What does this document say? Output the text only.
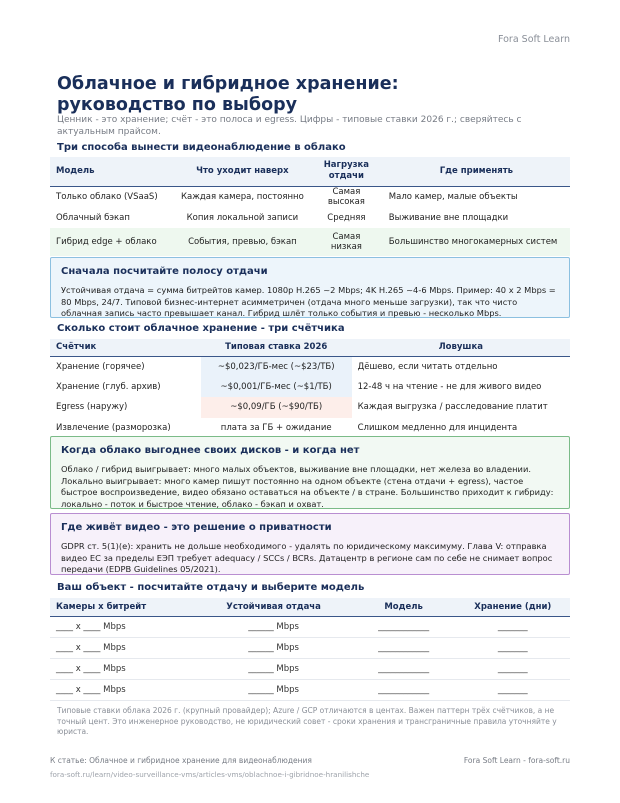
Fora Soft Learn
Облачное и гибридное хранение: руководство по выбору

Ценник - это хранение; счёт - это полоса и egress. Цифры - типовые ставки 2026 г.; сверяйтесь с актуальным прайсом.

Три способа вынести видеонаблюдение в облако
Модель	Что уходит наверх	Нагрузка отдачи	Где применять
Только облако (VSaaS)	Каждая камера, постоянно	Самая высокая	Мало камер, малые объекты
Облачный бэкап	Копия локальной записи	Средняя	Выживание вне площадки
Гибрид edge + облако	События, превью, бэкап	Самая низкая	Большинство многокамерных систем
Сначала посчитайте полосу отдачи
Устойчивая отдача = сумма битрейтов камер. 1080p H.265 ~2 Mbps; 4K H.265 ~4-6 Mbps. Пример: 40 x 2 Mbps = 80 Mbps, 24/7. Типовой бизнес-интернет асимметричен (отдача много меньше загрузки), так что чисто облачная запись часто превышает канал. Гибрид шлёт только события и превью - несколько Mbps.
Сколько стоит облачное хранение - три счётчика
Счётчик	Типовая ставка 2026	Ловушка
Хранение (горячее)	~$0,023/ГБ-мес (~$23/ТБ)	Дёшево, если читать отдельно
Хранение (глуб. архив)	~$0,001/ГБ-мес (~$1/ТБ)	12-48 ч на чтение - не для живого видео
Egress (наружу)	~$0,09/ГБ (~$90/ТБ)	Каждая выгрузка / расследование платит
Извлечение (разморозка)	плата за ГБ + ожидание	Слишком медленно для инцидента
Когда облако выгоднее своих дисков - и когда нет
Облако / гибрид выигрывает: много малых объектов, выживание вне площадки, нет железа во владении. Локально выигрывает: много камер пишут постоянно на одном объекте (стена отдачи + egress), частое быстрое воспроизведение, видео обязано оставаться на объекте / в стране. Большинство приходит к гибриду: локально - поток и быстрое чтение, облако - бэкап и охват.
Где живёт видео - это решение о приватности
GDPR ст. 5(1)(e): хранить не дольше необходимого - удалять по юридическому максимуму. Глава V: отправка видео ЕС за пределы ЕЭП требует adequacy / SCCs / BCRs. Датацентр в регионе сам по себе не снимает вопрос передачи (EDPB Guidelines 05/2021).
Ваш объект - посчитайте отдачу и выберите модель
Камеры x битрейт	Устойчивая отдача	Модель	Хранение (дни)
____ x ____ Mbps	______ Mbps	____________	_______
____ x ____ Mbps	______ Mbps	____________	_______
____ x ____ Mbps	______ Mbps	____________	_______
____ x ____ Mbps	______ Mbps	____________	_______

Типовые ставки облака 2026 г. (крупный провайдер); Azure / GCP отличаются в центах. Важен паттерн трёх счётчиков, а не точный цент. Это инженерное руководство, не юридический совет - сроки хранения и трансграничные правила уточняйте у юриста.

К статье: Облачное и гибридное хранение для видеонаблюдения	Fora Soft Learn - fora-soft.ru
fora-soft.ru/learn/video-surveillance-vms/articles-vms/oblachnoe-i-gibridnoe-hranilishche
